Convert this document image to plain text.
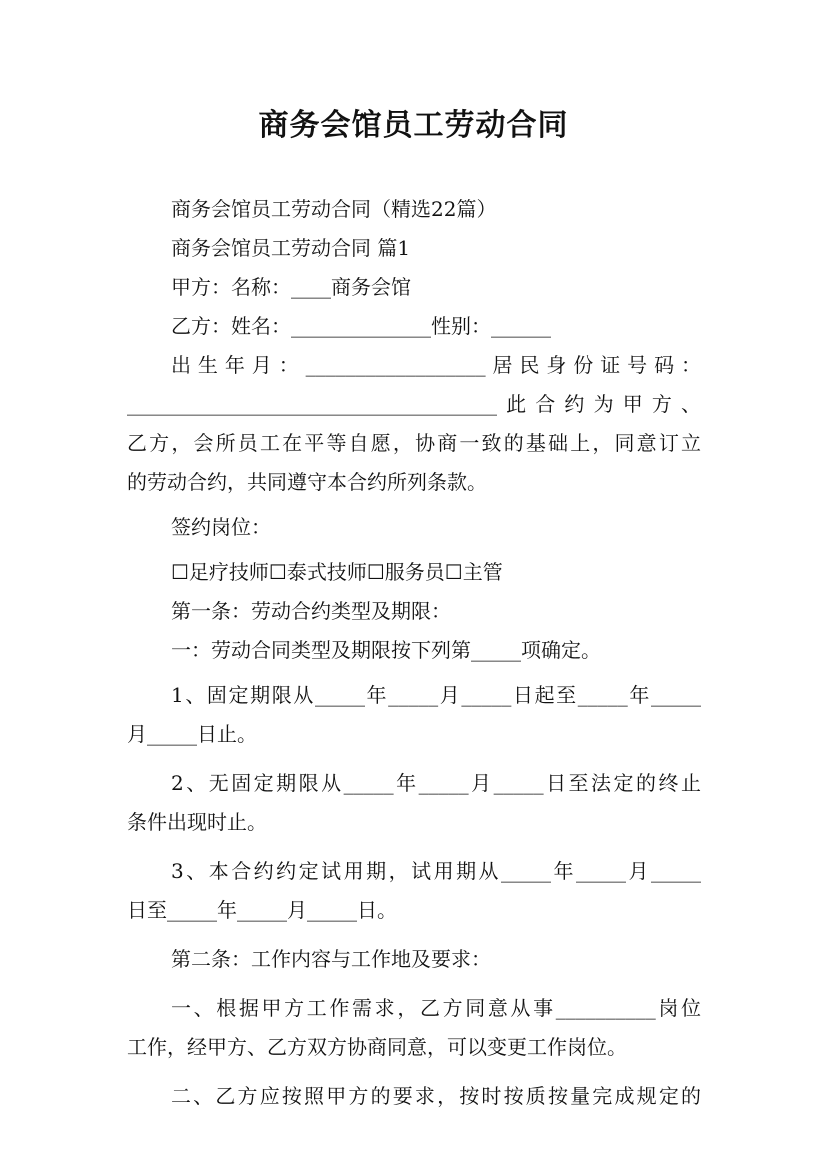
商务会馆员工劳动合同
商务会馆员工劳动合同（精选22篇）
商务会馆员工劳动合同 篇1
甲方：名称：____商务会馆
乙方：姓名：______________性别：______
出生年月：__________________居民身份证号码：
_____________________________________此合约为甲方、
乙方，会所员工在平等自愿，协商一致的基础上，同意订立
的劳动合约，共同遵守本合约所列条款。
签约岗位：
☐足疗技师☐泰式技师☐服务员☐主管
第一条：劳动合约类型及期限：
一：劳动合同类型及期限按下列第_____项确定。
1、固定期限从_____年_____月_____日起至_____年_____
月_____日止。
2、无固定期限从_____年_____月_____日至法定的终止
条件出现时止。
3、本合约约定试用期，试用期从_____年_____月_____
日至_____年_____月_____日。
第二条：工作内容与工作地及要求：
一、根据甲方工作需求，乙方同意从事__________岗位
工作，经甲方、乙方双方协商同意，可以变更工作岗位。
二、乙方应按照甲方的要求，按时按质按量完成规定的
